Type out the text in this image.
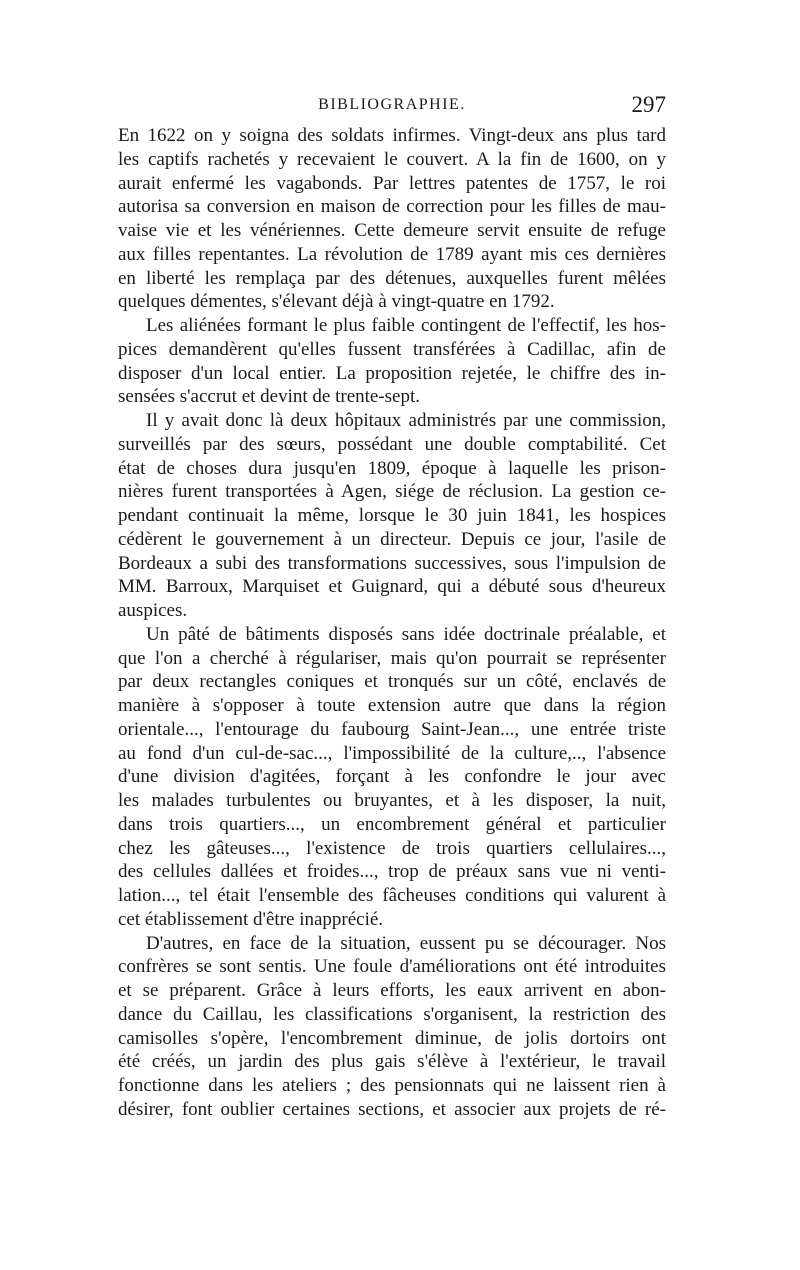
BIBLIOGRAPHIE.	297
En 1622 on y soigna des soldats infirmes. Vingt-deux ans plus tard
les captifs rachetés y recevaient le couvert. A la fin de 1600, on y
aurait enfermé les vagabonds. Par lettres patentes de 1757, le roi
autorisa sa conversion en maison de correction pour les filles de mau-
vaise vie et les vénériennes. Cette demeure servit ensuite de refuge
aux filles repentantes. La révolution de 1789 ayant mis ces dernières
en liberté les remplaça par des détenues, auxquelles furent mêlées
quelques démentes, s'élevant déjà à vingt-quatre en 1792.
Les aliénées formant le plus faible contingent de l'effectif, les hos-
pices demandèrent qu'elles fussent transférées à Cadillac, afin de
disposer d'un local entier. La proposition rejetée, le chiffre des in-
sensées s'accrut et devint de trente-sept.
Il y avait donc là deux hôpitaux administrés par une commission,
surveillés par des sœurs, possédant une double comptabilité. Cet
état de choses dura jusqu'en 1809, époque à laquelle les prison-
nières furent transportées à Agen, siége de réclusion. La gestion ce-
pendant continuait la même, lorsque le 30 juin 1841, les hospices
cédèrent le gouvernement à un directeur. Depuis ce jour, l'asile de
Bordeaux a subi des transformations successives, sous l'impulsion de
MM. Barroux, Marquiset et Guignard, qui a débuté sous d'heureux
auspices.
Un pâté de bâtiments disposés sans idée doctrinale préalable, et
que l'on a cherché à régulariser, mais qu'on pourrait se représenter
par deux rectangles coniques et tronqués sur un côté, enclavés de
manière à s'opposer à toute extension autre que dans la région
orientale..., l'entourage du faubourg Saint-Jean..., une entrée triste
au fond d'un cul-de-sac..., l'impossibilité de la culture,.., l'absence
d'une division d'agitées, forçant à les confondre le jour avec
les malades turbulentes ou bruyantes, et à les disposer, la nuit,
dans trois quartiers..., un encombrement général et particulier
chez les gâteuses..., l'existence de trois quartiers cellulaires...,
des cellules dallées et froides..., trop de préaux sans vue ni venti-
lation..., tel était l'ensemble des fâcheuses conditions qui valurent à
cet établissement d'être inapprécié.
D'autres, en face de la situation, eussent pu se décourager. Nos
confrères se sont sentis. Une foule d'améliorations ont été introduites
et se préparent. Grâce à leurs efforts, les eaux arrivent en abon-
dance du Caillau, les classifications s'organisent, la restriction des
camisolles s'opère, l'encombrement diminue, de jolis dortoirs ont
été créés, un jardin des plus gais s'élève à l'extérieur, le travail
fonctionne dans les ateliers ; des pensionnats qui ne laissent rien à
désirer, font oublier certaines sections, et associer aux projets de ré-
